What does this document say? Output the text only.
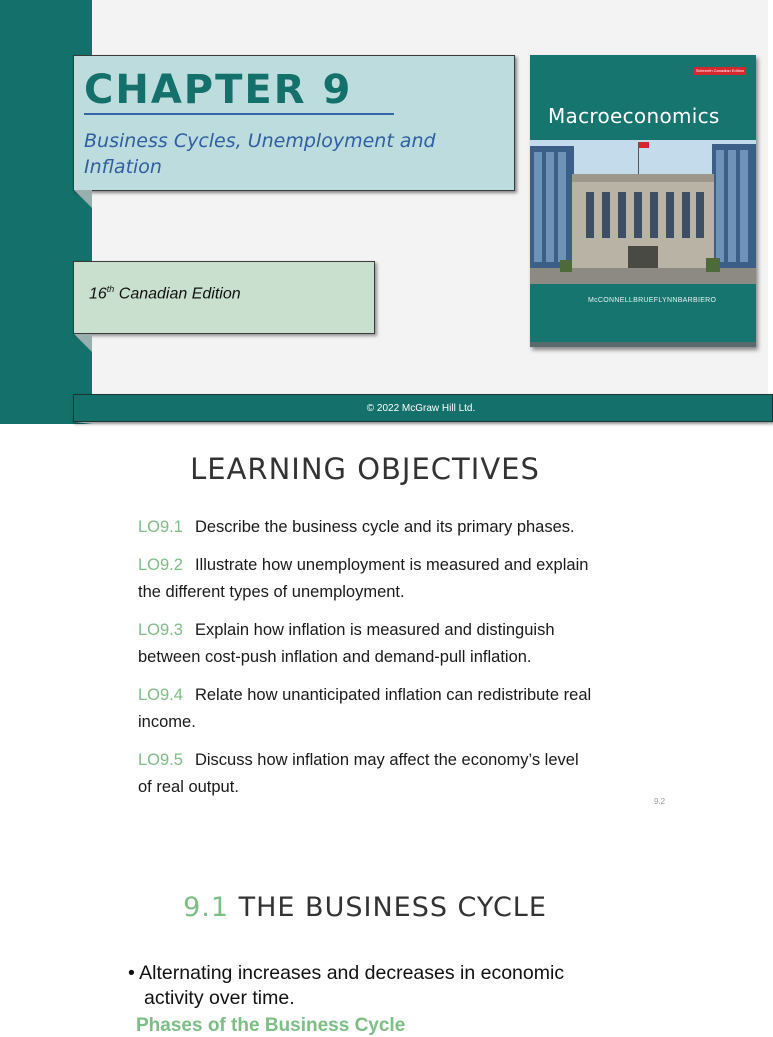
CHAPTER 9

Business Cycles, Unemployment and Inflation

16th Canadian Edition

Sixteenth Canadian Edition

Macroeconomics

McCONNELL BRUE FLYNN BARBIERO
© 2022 McGraw Hill Ltd.
LEARNING OBJECTIVES
LO9.1 Describe the business cycle and its primary phases.
LO9.2 Illustrate how unemployment is measured and explain the different types of unemployment.
LO9.3 Explain how inflation is measured and distinguish between cost-push inflation and demand-pull inflation.
LO9.4 Relate how unanticipated inflation can redistribute real income.
LO9.5 Discuss how inflation may affect the economy’s level    of real output.
9.2
9.1 THE BUSINESS CYCLE
• Alternating increases and decreases in economic activity over time.
Phases of the Business Cycle
